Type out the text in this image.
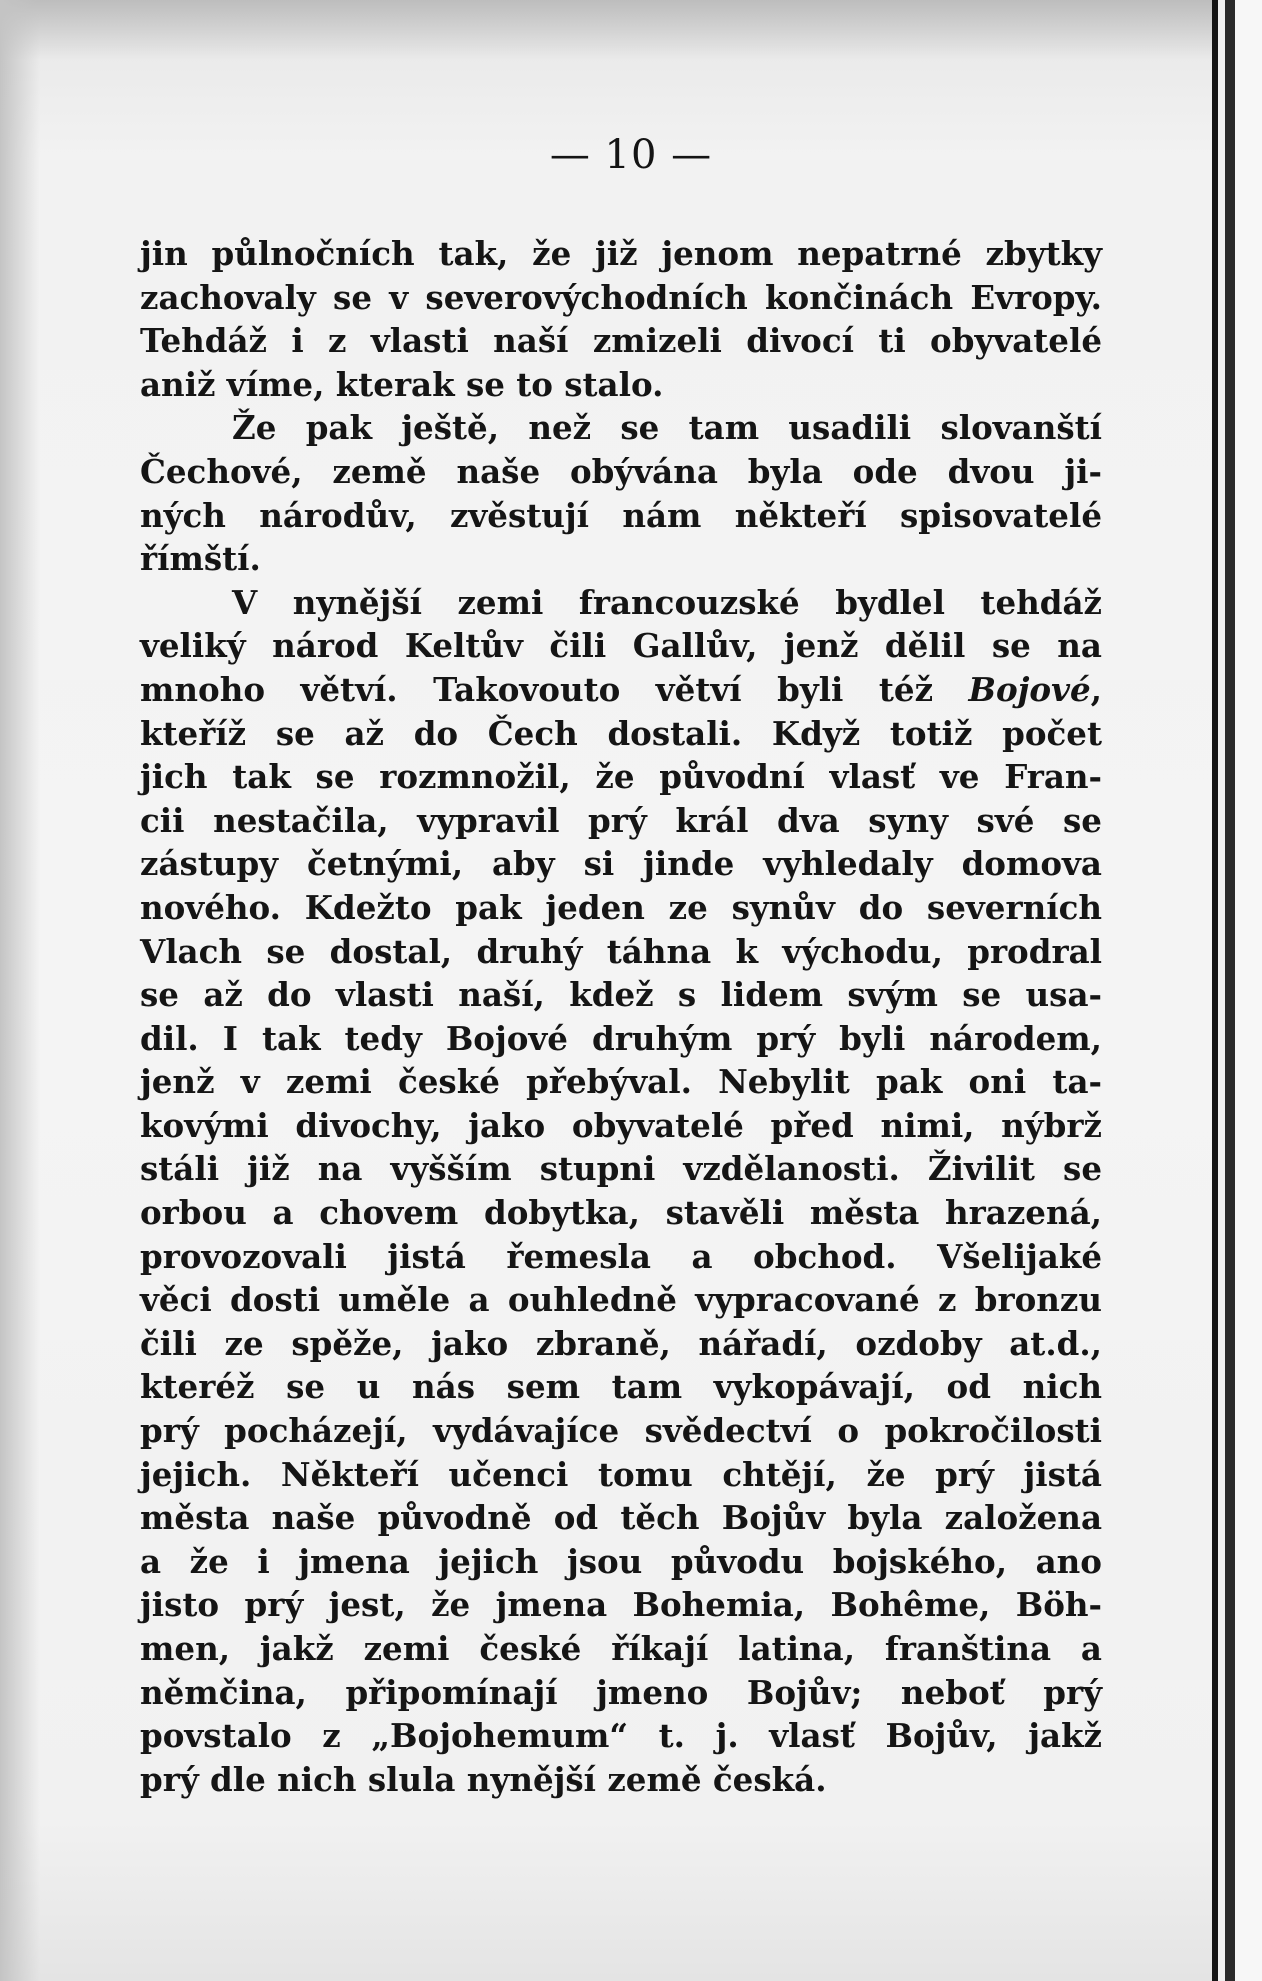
— 10 —
jin půlnočních tak, že již jenom nepatrné zbytky
zachovaly se v severovýchodních končinách Evropy.
Tehdáž i z vlasti naší zmizeli divocí ti obyvatelé
aniž víme, kterak se to stalo.
Že pak ještě, než se tam usadili slovanští
Čechové, země naše obývána byla ode dvou ji-
ných národův, zvěstují nám někteří spisovatelé
římští.
V nynější zemi francouzské bydlel tehdáž
veliký národ Keltův čili Gallův, jenž dělil se na
mnoho větví. Takovouto větví byli též Bojové,
kteříž se až do Čech dostali. Když totiž počet
jich tak se rozmnožil, že původní vlasť ve Fran-
cii nestačila, vypravil prý král dva syny své se
zástupy četnými, aby si jinde vyhledaly domova
nového. Kdežto pak jeden ze synův do severních
Vlach se dostal, druhý táhna k východu, prodral
se až do vlasti naší, kdež s lidem svým se usa-
dil. I tak tedy Bojové druhým prý byli národem,
jenž v zemi české přebýval. Nebylit pak oni ta-
kovými divochy, jako obyvatelé před nimi, nýbrž
stáli již na vyšším stupni vzdělanosti. Živilit se
orbou a chovem dobytka, stavěli města hrazená,
provozovali jistá řemesla a obchod. Všelijaké
věci dosti uměle a ouhledně vypracované z bronzu
čili ze spěže, jako zbraně, nářadí, ozdoby at.d.,
kteréž se u nás sem tam vykopávají, od nich
prý pocházejí, vydávajíce svědectví o pokročilosti
jejich. Někteří učenci tomu chtějí, že prý jistá
města naše původně od těch Bojův byla založena
a že i jmena jejich jsou původu bojského, ano
jisto prý jest, že jmena Bohemia, Bohême, Böh-
men, jakž zemi české říkají latina, franština a
němčina, připomínají jmeno Bojův; neboť prý
povstalo z „Bojohemum“ t. j. vlasť Bojův, jakž
prý dle nich slula nynější země česká.
